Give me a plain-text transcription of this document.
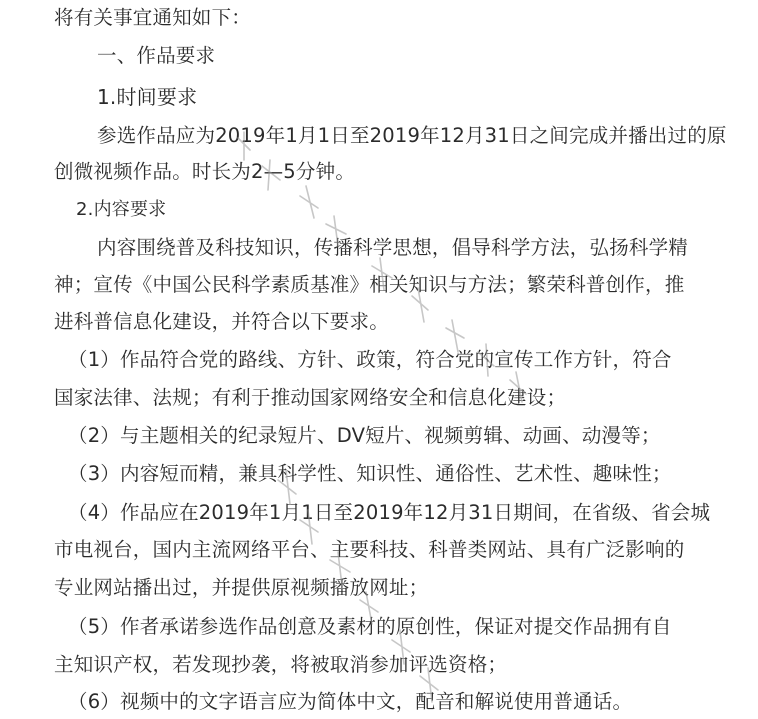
将有关事宜通知如下：
一、作品要求
1.时间要求
参选作品应为2019年1月1日至2019年12月31日之间完成并播出过的原
创微视频作品。时长为2—5分钟。
2.内容要求
内容围绕普及科技知识，传播科学思想，倡导科学方法，弘扬科学精
神；宣传《中国公民科学素质基准》相关知识与方法；繁荣科普创作，推
进科普信息化建设，并符合以下要求。
（1）作品符合党的路线、方针、政策，符合党的宣传工作方针，符合
国家法律、法规；有利于推动国家网络安全和信息化建设；
（2）与主题相关的纪录短片、DV短片、视频剪辑、动画、动漫等；
（3）内容短而精，兼具科学性、知识性、通俗性、艺术性、趣味性；
（4）作品应在2019年1月1日至2019年12月31日期间，在省级、省会城
市电视台，国内主流网络平台、主要科技、科普类网站、具有广泛影响的
专业网站播出过，并提供原视频播放网址；
（5）作者承诺参选作品创意及素材的原创性，保证对提交作品拥有自
主知识产权，若发现抄袭，将被取消参加评选资格；
（6）视频中的文字语言应为简体中文，配音和解说使用普通话。
